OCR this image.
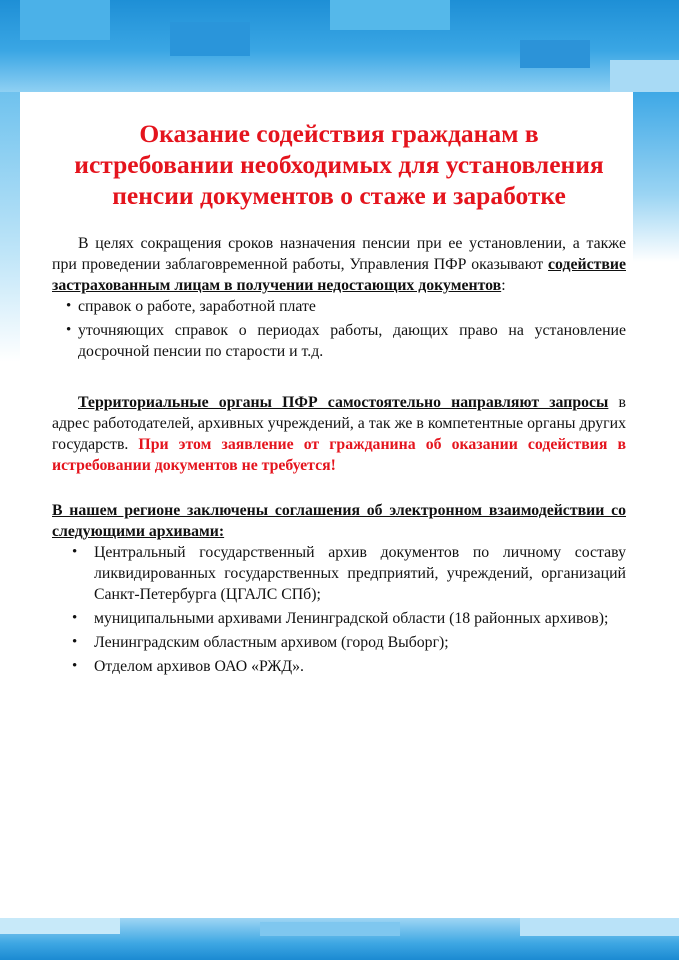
Оказание содействия гражданам в истребовании необходимых для установления пенсии документов о стаже и заработке

В целях сокращения сроков назначения пенсии при ее установлении, а также при проведении заблаговременной работы, Управления ПФР оказывают содействие застрахованным лицам в получении недостающих документов:

• справок о работе, заработной плате
• уточняющих справок о периодах работы, дающих право на установление досрочной пенсии по старости и т.д.

Территориальные органы ПФР самостоятельно направляют запросы в адрес работодателей, архивных учреждений, а так же в компетентные органы других государств. При этом заявление от гражданина об оказании содействия в истребовании документов не требуется!

В нашем регионе заключены соглашения об электронном взаимодействии со следующими архивами:

• Центральный государственный архив документов по личному составу ликвидированных государственных предприятий, учреждений, организаций Санкт-Петербурга (ЦГАЛС СПб);
• муниципальными архивами Ленинградской области (18 районных архивов);
• Ленинградским областным архивом (город Выборг);
• Отделом архивов ОАО «РЖД».
